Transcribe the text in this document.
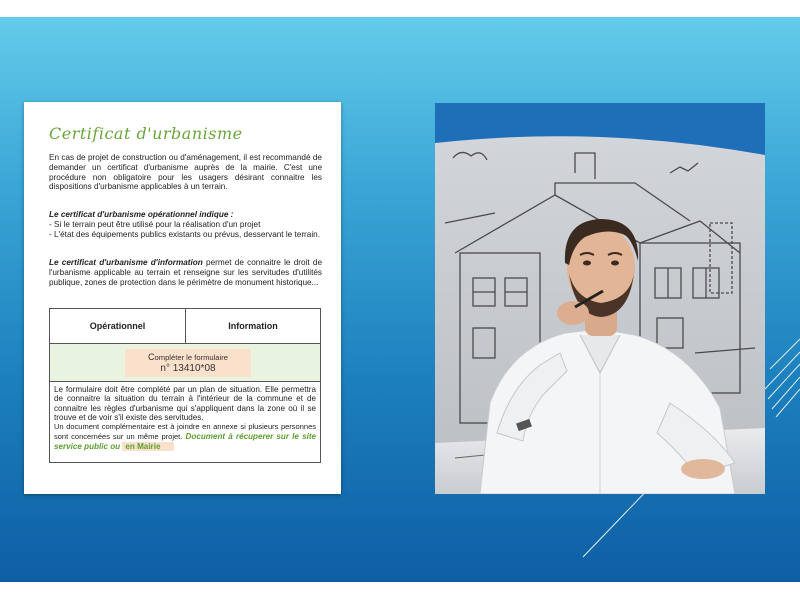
Certificat d'urbanisme
En cas de projet de construction ou d'aménagement, il est recommandé de demander un certificat d'urbanisme auprès de la mairie. C'est une procédure non obligatoire pour les usagers désirant connaitre les dispositions d'urbanisme applicables à un terrain.
Le certificat d'urbanisme opérationnel indique :
- Si le terrain peut être utilisé pour la réalisation d'un projet
- L'état des équipements publics existants ou prévus, desservant le terrain.
Le certificat d'urbanisme d'information permet de connaitre le droit de l'urbanisme applicable au terrain et renseigne sur les servitudes d'utilités publique, zones de protection dans le périmètre de monument historique...
Opérationnel	Information
Compléter le formulaire
n° 13410*08
Le formulaire doit être complété par un plan de situation. Elle permettra de connaitre la situation du terrain à l'intérieur de la commune et de connaitre les règles d'urbanisme qui s'appliquent dans la zone où il se trouve et de voir s'il existe des servitudes.
Un document complémentaire est à joindre en annexe si plusieurs personnes sont concernées sur un même projet. Document à récuperer sur le site service public ou en Mairie
